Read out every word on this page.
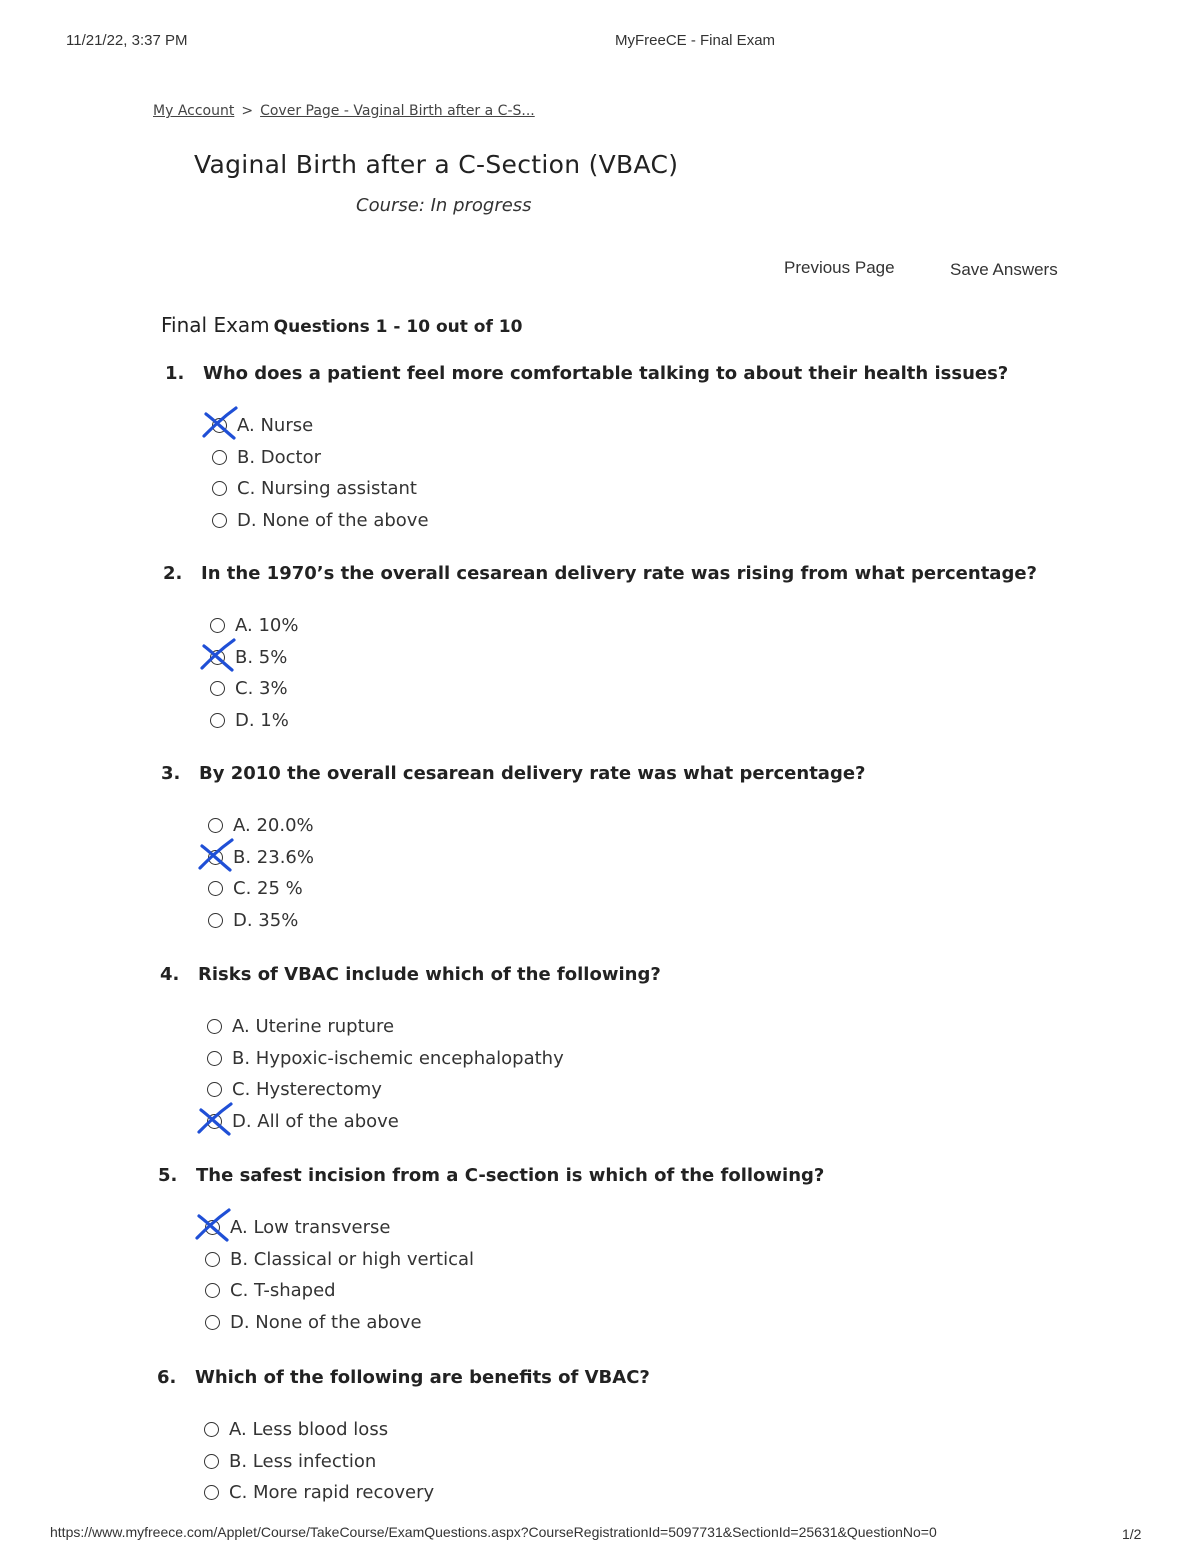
11/21/22, 3:37 PM	MyFreeCE - Final Exam
My Account > Cover Page - Vaginal Birth after a C-S...
Vaginal Birth after a C-Section (VBAC)
Course: In progress
Previous Page	Save Answers
Final Exam Questions 1 - 10 out of 10
1. Who does a patient feel more comfortable talking to about their health issues?
A. Nurse
B. Doctor
C. Nursing assistant
D. None of the above
2. In the 1970’s the overall cesarean delivery rate was rising from what percentage?
A. 10%
B. 5%
C. 3%
D. 1%
3. By 2010 the overall cesarean delivery rate was what percentage?
A. 20.0%
B. 23.6%
C. 25 %
D. 35%
4. Risks of VBAC include which of the following?
A. Uterine rupture
B. Hypoxic-ischemic encephalopathy
C. Hysterectomy
D. All of the above
5. The safest incision from a C-section is which of the following?
A. Low transverse
B. Classical or high vertical
C. T-shaped
D. None of the above
6. Which of the following are benefits of VBAC?
A. Less blood loss
B. Less infection
C. More rapid recovery
https://www.myfreece.com/Applet/Course/TakeCourse/ExamQuestions.aspx?CourseRegistrationId=5097731&SectionId=25631&QuestionNo=0	1/2
